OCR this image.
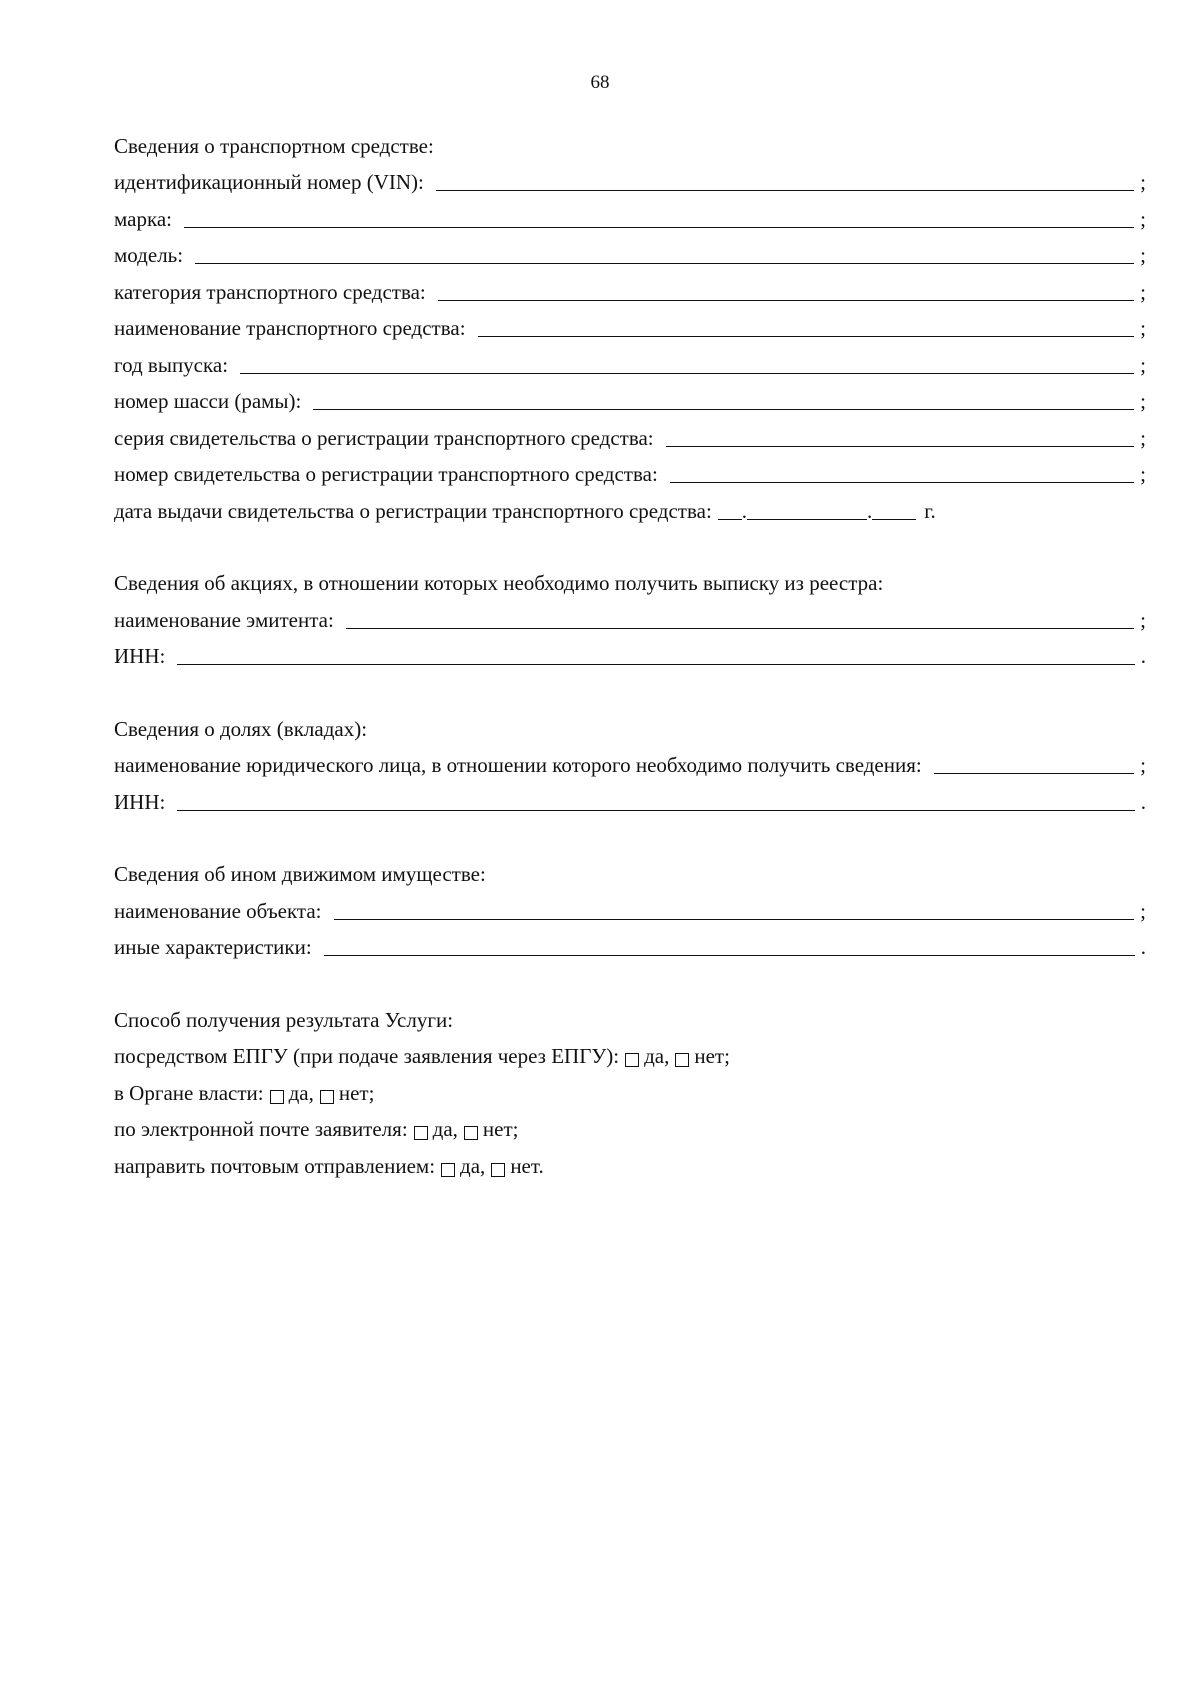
68
Сведения о транспортном средстве:
идентификационный номер (VIN):	;
марка:	;
модель:	;
категория транспортного средства:	;
наименование транспортного средства:	;
год выпуска:	;
номер шасси (рамы):	;
серия свидетельства о регистрации транспортного средства:	;
номер свидетельства о регистрации транспортного средства:	;
дата выдачи свидетельства о регистрации транспортного средства: .	. г.
Сведения об акциях, в отношении которых необходимо получить выписку из реестра:
наименование эмитента:	;
ИНН:	.
Сведения о долях (вкладах):
наименование юридического лица, в отношении которого необходимо получить сведения:	;
ИНН:	.
Сведения об ином движимом имуществе:
наименование объекта:	;
иные характеристики:	.
Способ получения результата Услуги:
посредством ЕПГУ (при подаче заявления через ЕПГУ): да, нет;
в Органе власти: да, нет;
по электронной почте заявителя: да, нет;
направить почтовым отправлением: да, нет.
